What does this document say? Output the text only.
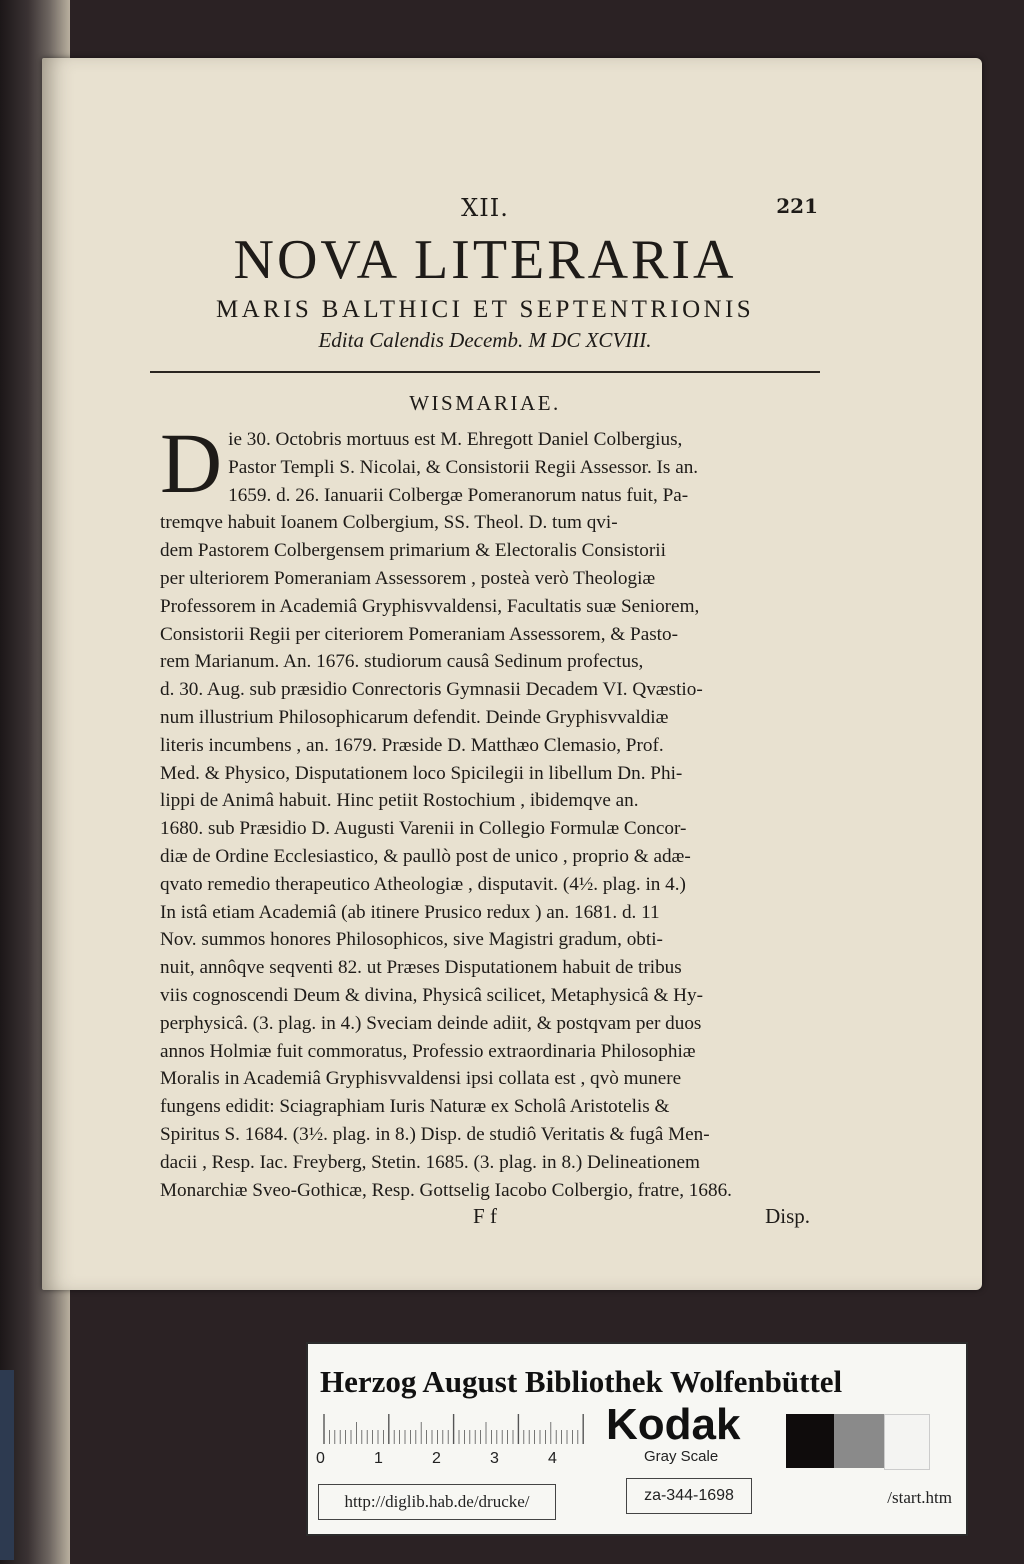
XII.	221
NOVA LITERARIA
MARIS BALTHICI ET SEPTENTRIONIS
Edita Calendis Decemb. M DC XCVIII.
WISMARIAE.
D ie 30. Octobris mortuus est M. Ehregott Daniel Colbergius,
Pastor Templi S. Nicolai, & Consistorii Regii Assessor. Is an.
1659. d. 26. Ianuarii Colbergæ Pomeranorum natus fuit, Pa-
tremqve habuit Ioanem Colbergium, SS. Theol. D. tum qvi-
dem Pastorem Colbergensem primarium & Electoralis Consistorii
per ulteriorem Pomeraniam Assessorem , posteà verò Theologiæ
Professorem in Academiâ Gryphisvvaldensi, Facultatis suæ Seniorem,
Consistorii Regii per citeriorem Pomeraniam Assessorem, & Pasto-
rem Marianum. An. 1676. studiorum causâ Sedinum profectus,
d. 30. Aug. sub præsidio Conrectoris Gymnasii Decadem VI. Qvæstio-
num illustrium Philosophicarum defendit. Deinde Gryphisvvaldiæ
literis incumbens , an. 1679. Præside D. Matthæo Clemasio, Prof.
Med. & Physico, Disputationem loco Spicilegii in libellum Dn. Phi-
lippi de Animâ habuit. Hinc petiit Rostochium , ibidemqve an.
1680. sub Præsidio D. Augusti Varenii in Collegio Formulæ Concor-
diæ de Ordine Ecclesiastico, & paullò post de unico , proprio & adæ-
qvato remedio therapeutico Atheologiæ , disputavit. (4½. plag. in 4.)
In istâ etiam Academiâ (ab itinere Prusico redux ) an. 1681. d. 11
Nov. summos honores Philosophicos, sive Magistri gradum, obti-
nuit, annôqve seqventi 82. ut Præses Disputationem habuit de tribus
viis cognoscendi Deum & divina, Physicâ scilicet, Metaphysicâ & Hy-
perphysicâ. (3. plag. in 4.) Sveciam deinde adiit, & postqvam per duos
annos Holmiæ fuit commoratus, Professio extraordinaria Philosophiæ
Moralis in Academiâ Gryphisvvaldensi ipsi collata est , qvò munere
fungens edidit: Sciagraphiam Iuris Naturæ ex Scholâ Aristotelis &
Spiritus S. 1684. (3½. plag. in 8.) Disp. de studiô Veritatis & fugâ Men-
dacii , Resp. Iac. Freyberg, Stetin. 1685. (3. plag. in 8.) Delineationem
Monarchiæ Sveo-Gothicæ, Resp. Gottselig Iacobo Colbergio, fratre, 1686.
F f	Disp.
Herzog August Bibliothek Wolfenbüttel
0	1	2	3	4
Kodak
Gray Scale
http://diglib.hab.de/drucke/	za-344-1698	/start.htm
